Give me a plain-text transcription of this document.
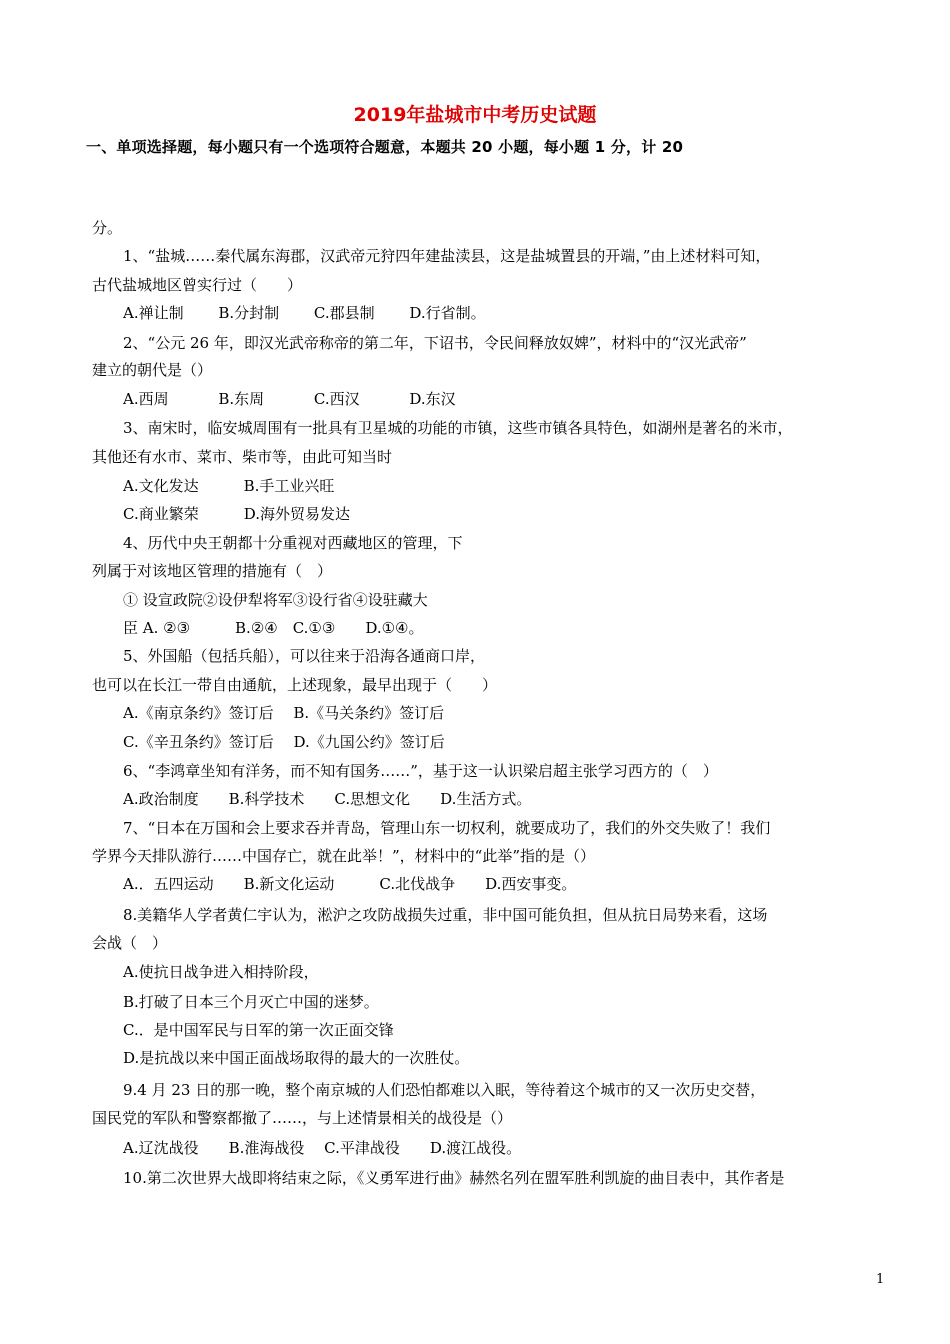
2019年盐城市中考历史试题
一、单项选择题，每小题只有一个选项符合题意，本题共 20 小题，每小题 1 分，计 20
分。
1、“盐城……秦代属东海郡，汉武帝元狩四年建盐渎县，这是盐城置县的开端，”由上述材料可知，
古代盐城地区曾实行过（　　）
A.禅让制　　 B.分封制　　 C.郡县制　　 D.行省制。
2、“公元 26 年，即汉光武帝称帝的第二年，下诏书，令民间释放奴婢”，材料中的“汉光武帝”
建立的朝代是（）
A.西周　　　 B.东周　　　 C.西汉　　　 D.东汉
3、南宋时，临安城周围有一批具有卫星城的功能的市镇，这些市镇各具特色，如湖州是著名的米市，
其他还有水市、菜市、柴市等，由此可知当时
A.文化发达　　　B.手工业兴旺
C.商业繁荣　　　D.海外贸易发达
4、历代中央王朝都十分重视对西藏地区的管理，下
列属于对该地区管理的措施有（　）
① 设宣政院②设伊犁将军③设行省④设驻藏大
臣 A. ②③　　　B.②④　C.①③　　D.①④。
5、外国船（包括兵船），可以往来于沿海各通商口岸，
也可以在长江一带自由通航，上述现象，最早出现于（　　）
A.《南京条约》签订后　 B.《马关条约》签订后
C.《辛丑条约》签订后　 D.《九国公约》签订后
6、“李鸿章坐知有洋务，而不知有国务……”，基于这一认识梁启超主张学习西方的（　）
A.政治制度　　B.科学技术　　C.思想文化　　D.生活方式。
7、“日本在万国和会上要求吞并青岛，管理山东一切权利，就要成功了，我们的外交失败了！我们
学界今天排队游行……中国存亡，就在此举！”，材料中的“此举”指的是（）
A.．五四运动　　B.新文化运动　　　C.北伐战争　　D.西安事变。
8.美籍华人学者黄仁宇认为，淞沪之攻防战损失过重，非中国可能负担，但从抗日局势来看，这场
会战（　）
A.使抗日战争进入相持阶段，
B.打破了日本三个月灭亡中国的迷梦。
C.．是中国军民与日军的第一次正面交锋
D.是抗战以来中国正面战场取得的最大的一次胜仗。
9.4 月 23 日的那一晚，整个南京城的人们恐怕都难以入眠，等待着这个城市的又一次历史交替，
国民党的军队和警察都撤了……，与上述情景相关的战役是（）
A.辽沈战役　　B.淮海战役　 C.平津战役　　D.渡江战役。
10.第二次世界大战即将结束之际，《义勇军进行曲》赫然名列在盟军胜利凯旋的曲目表中，其作者是
1
